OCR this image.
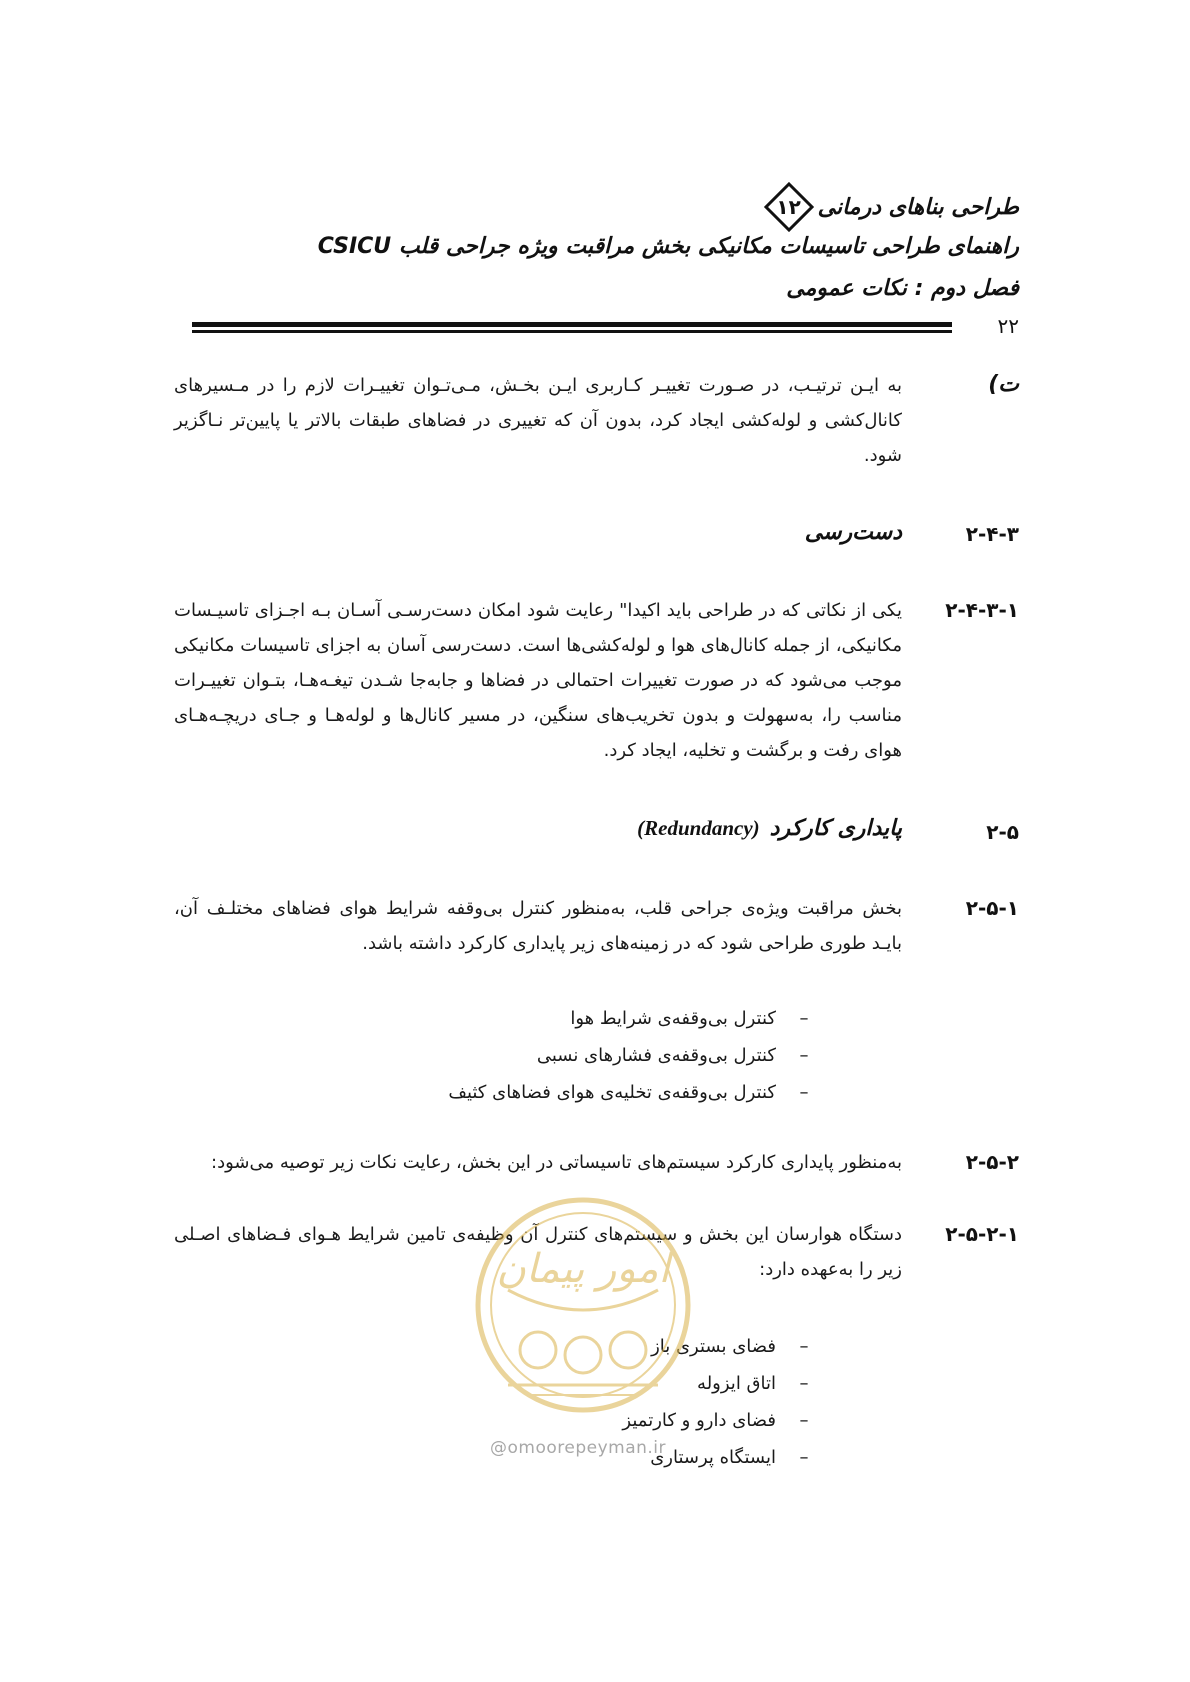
طراحی بناهای درمانی
۱۲
راهنمای طراحی تاسیسات مکانیکی بخش مراقبت ویژه جراحی قلب CSICU
فصل دوم : نکات عمومی
۲۲
ت)
به ایـن ترتیـب، در صـورت تغییـر کـاربری ایـن بخـش، مـی‌تـوان تغییـرات لازم را در مـسیرهای کانال‌کشی و لوله‌کشی ایجاد کرد، بدون آن که تغییری در فضاهای طبقات بالاتر یا پایین‌تر نـاگزیر شود.
۲-۴-۳
دست‌رسی
۲-۴-۳-۱
یکی از نکاتی که در طراحی باید اکیدا" رعایت شود امکان دست‌رسـی آسـان بـه اجـزای تاسیـسات مکانیکی، از جمله کانال‌های هوا و لوله‌کشی‌ها است. دست‌رسی آسان به اجزای تاسیسات مکانیکی موجب می‌شود که در صورت تغییرات احتمالی در فضاها و جابه‌جا شـدن تیغـه‌هـا، بتـوان تغییـرات مناسب را، به‌سهولت و بدون تخریب‌های سنگین، در مسیر کانال‌ها و لوله‌هـا و جـای دریچـه‌هـای هوای رفت و برگشت و تخلیه، ایجاد کرد.
۲-۵
پایداری کارکرد
(Redundancy)
۲-۵-۱
بخش مراقبت ویژه‌ی جراحی قلب، به‌منظور کنترل بی‌وقفه شرایط هوای فضاهای مختلـف آن، بایـد طوری طراحی شود که در زمینه‌های زیر پایداری کارکرد داشته باشد.
–
کنترل بی‌وقفه‌ی شرایط هوا
–
کنترل بی‌وقفه‌ی فشارهای نسبی
–
کنترل بی‌وقفه‌ی تخلیه‌ی هوای فضاهای کثیف
۲-۵-۲
به‌منظور پایداری کارکرد سیستم‌های تاسیساتی در این بخش، رعایت نکات زیر توصیه می‌شود:
۲-۵-۲-۱
دستگاه هوارسان این بخش و سیستم‌های کنترل آن وظیفه‌ی تامین شرایط هـوای فـضاهای اصـلی زیر را به‌عهده دارد:
–
فضای بستری باز
–
اتاق ایزوله
–
فضای دارو و کارتمیز
–
ایستگاه پرستاری
امور پیمان
@omoorepeyman.ir
